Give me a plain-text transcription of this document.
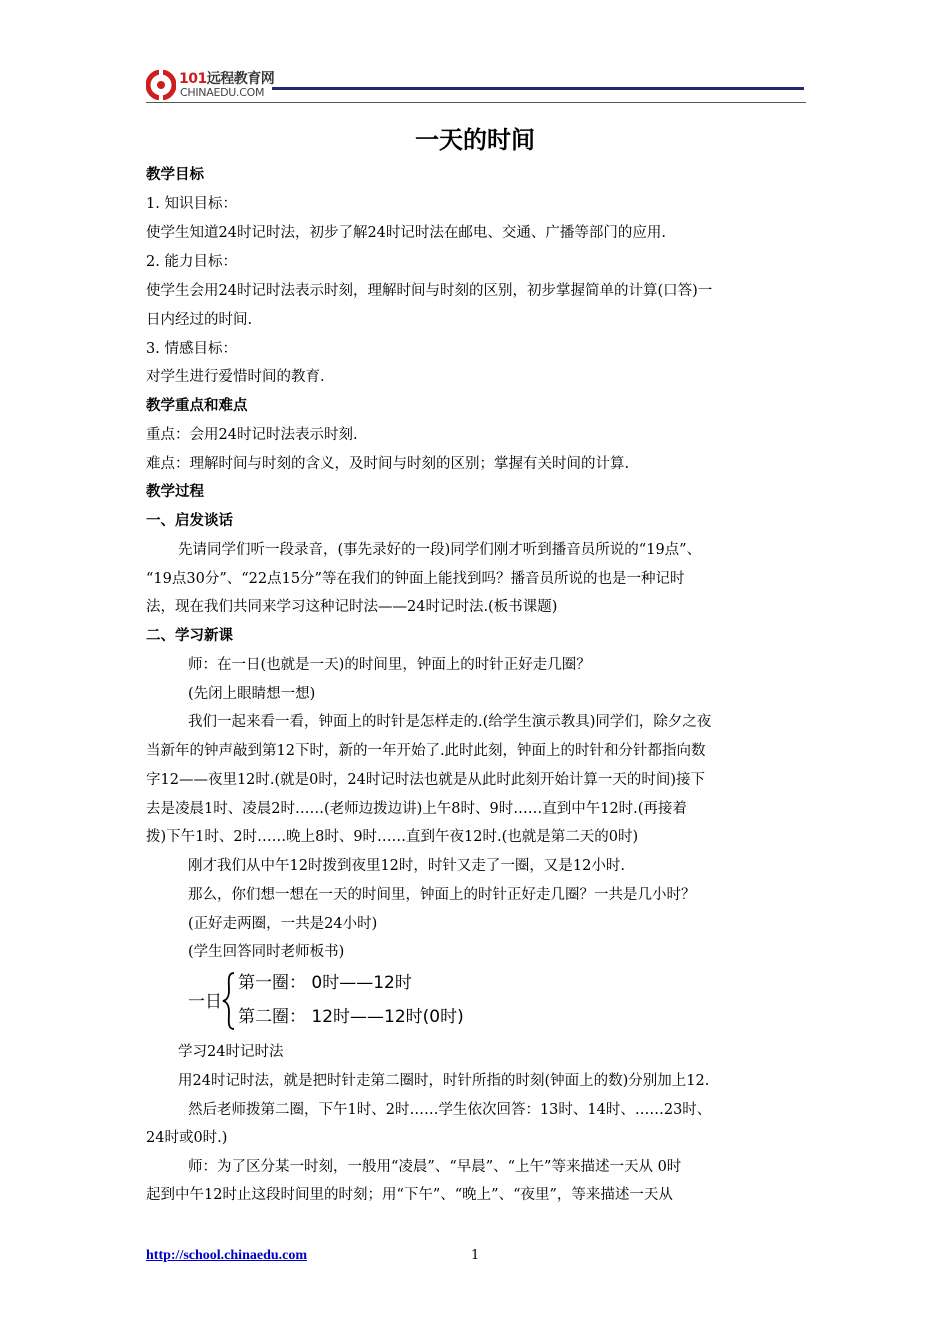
101远程教育网
CHINAEDU.COM
一天的时间
教学目标
1. 知识目标：
使学生知道24时记时法，初步了解24时记时法在邮电、交通、广播等部门的应用.
2. 能力目标：
使学生会用24时记时法表示时刻，理解时间与时刻的区别，初步掌握简单的计算(口答)一
日内经过的时间.
3. 情感目标：
对学生进行爱惜时间的教育.
教学重点和难点
重点：会用24时记时法表示时刻.
难点：理解时间与时刻的含义，及时间与时刻的区别；掌握有关时间的计算.
教学过程
一、启发谈话
先请同学们听一段录音，(事先录好的一段)同学们刚才听到播音员所说的“19点”、
“19点30分”、“22点15分”等在我们的钟面上能找到吗？播音员所说的也是一种记时
法，现在我们共同来学习这种记时法——24时记时法.(板书课题)
二、学习新课
师：在一日(也就是一天)的时间里，钟面上的时针正好走几圈？
(先闭上眼睛想一想)
我们一起来看一看，钟面上的时针是怎样走的.(给学生演示教具)同学们，除夕之夜
当新年的钟声敲到第12下时，新的一年开始了.此时此刻，钟面上的时针和分针都指向数
字12——夜里12时.(就是0时，24时记时法也就是从此时此刻开始计算一天的时间)接下
去是凌晨1时、凌晨2时……(老师边拨边讲)上午8时、9时……直到中午12时.(再接着
拨)下午1时、2时……晚上8时、9时……直到午夜12时.(也就是第二天的0时)
刚才我们从中午12时拨到夜里12时，时针又走了一圈，又是12小时.
那么，你们想一想在一天的时间里，钟面上的时针正好走几圈？一共是几小时？
(正好走两圈，一共是24小时)
(学生回答同时老师板书)
一日
第一圈： 0时——12时
第二圈： 12时——12时(0时)
学习24时记时法
用24时记时法，就是把时针走第二圈时，时针所指的时刻(钟面上的数)分别加上12.
然后老师拨第二圈，下午1时、2时……学生依次回答：13时、14时、……23时、
24时或0时.)
师：为了区分某一时刻，一般用“凌晨”、“早晨”、“上午”等来描述一天从 0时
起到中午12时止这段时间里的时刻；用“下午”、“晚上”、“夜里”，等来描述一天从
http://school.chinaedu.com	1
